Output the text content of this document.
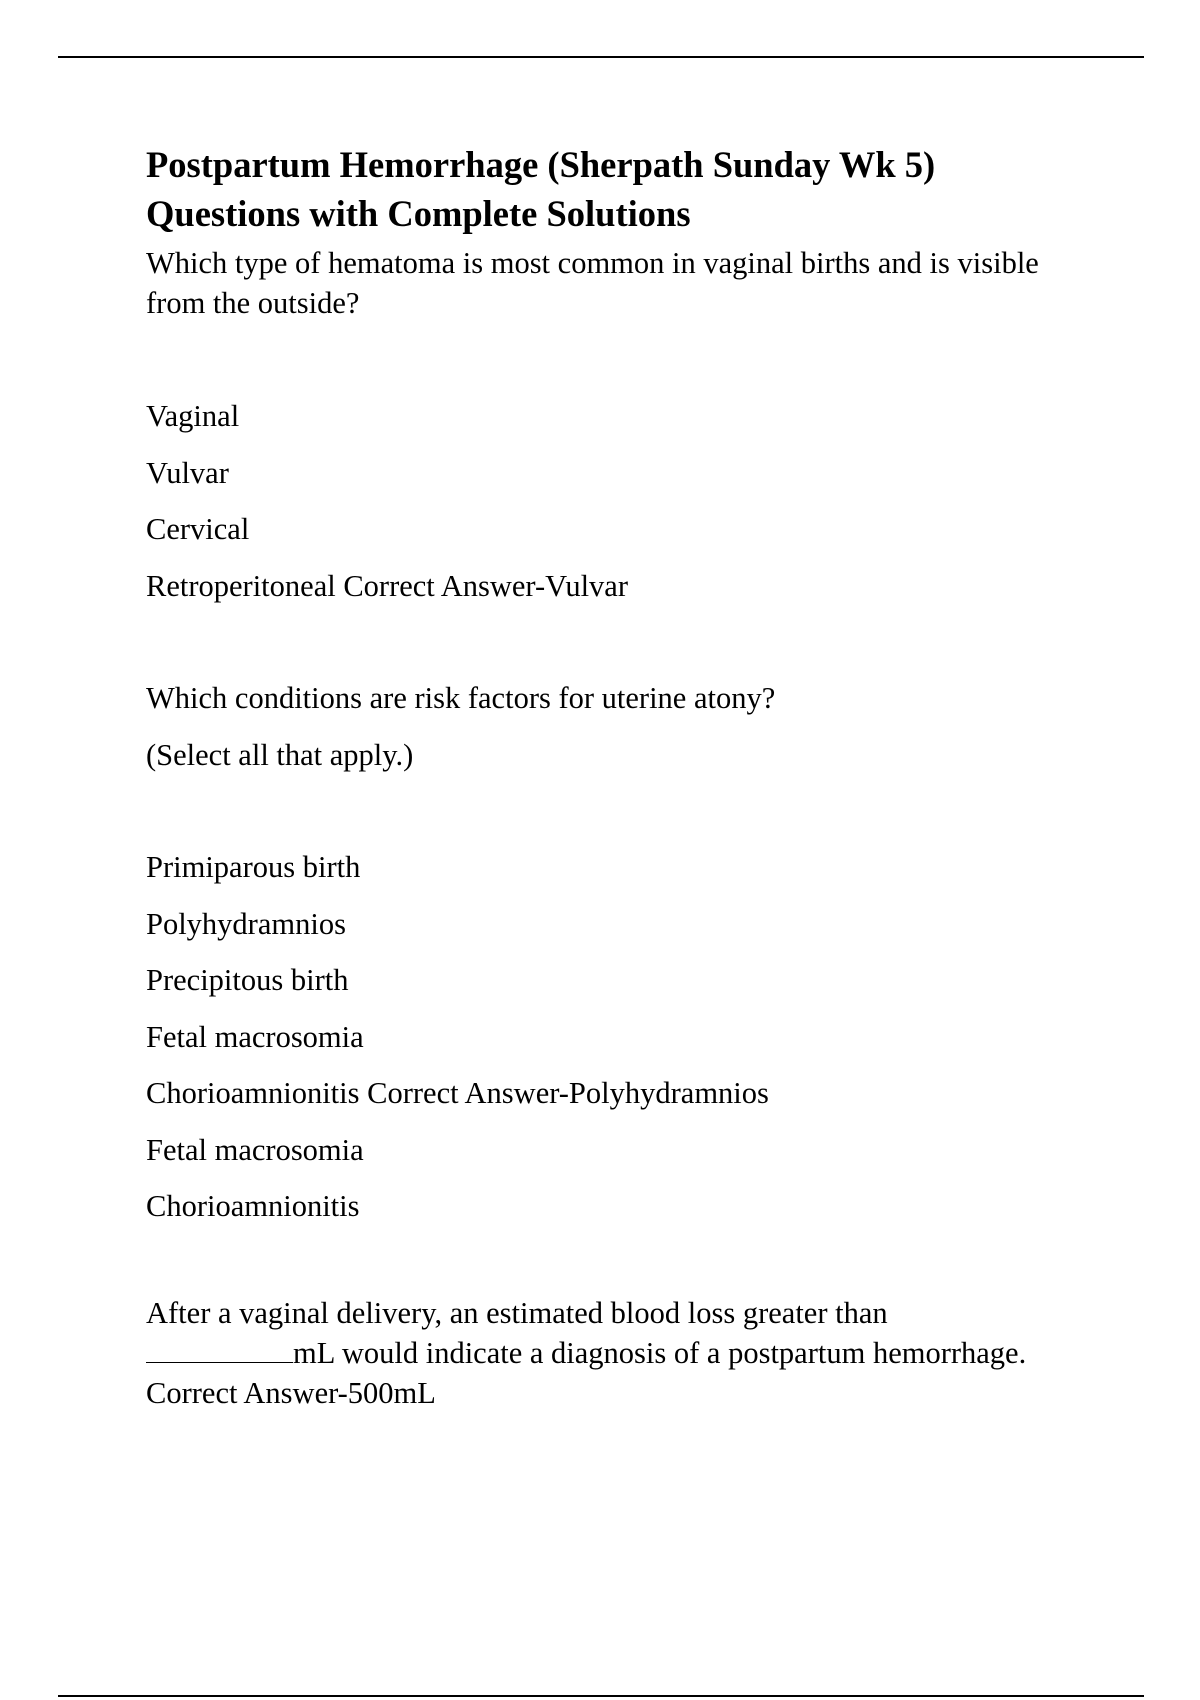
Postpartum Hemorrhage (Sherpath Sunday Wk 5)
Questions with Complete Solutions

Which type of hematoma is most common in vaginal births and is visible from the outside?

Vaginal

Vulvar

Cervical

Retroperitoneal Correct Answer-Vulvar

Which conditions are risk factors for uterine atony?

(Select all that apply.)

Primiparous birth

Polyhydramnios

Precipitous birth

Fetal macrosomia

Chorioamnionitis Correct Answer-Polyhydramnios

Fetal macrosomia

Chorioamnionitis

After a vaginal delivery, an estimated blood loss greater than
mL would indicate a diagnosis of a postpartum hemorrhage.
Correct Answer-500mL
